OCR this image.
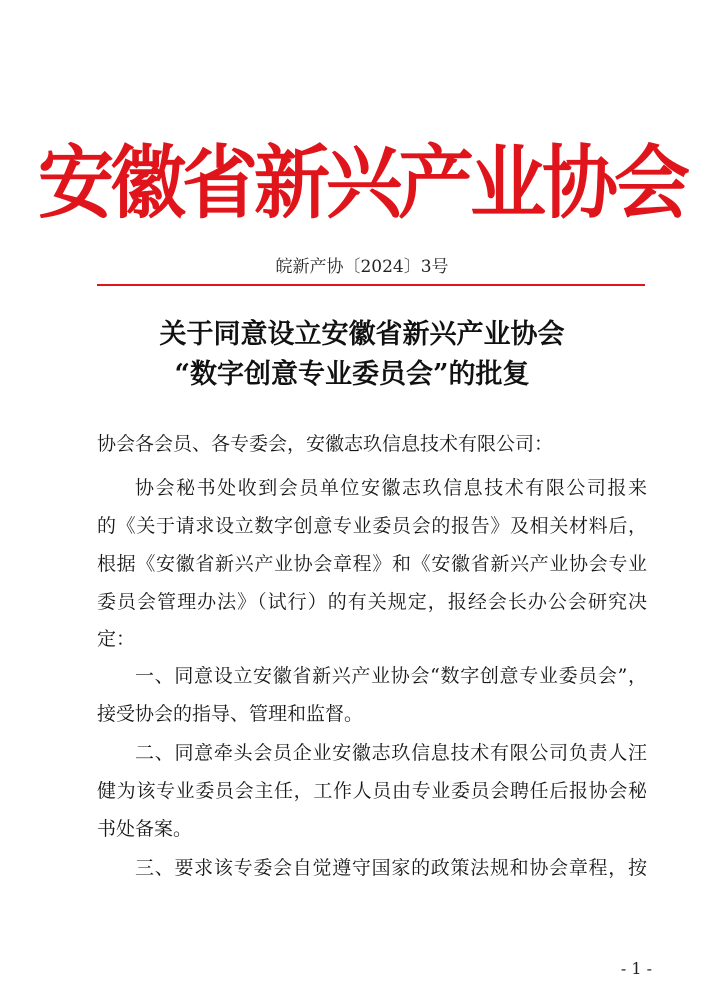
安徽省新兴产业协会
皖新产协〔2024〕3号
关于同意设立安徽省新兴产业协会
“数字创意专业委员会”的批复
协会各会员、各专委会，安徽志玖信息技术有限公司：
协会秘书处收到会员单位安徽志玖信息技术有限公司报来
的《关于请求设立数字创意专业委员会的报告》及相关材料后，
根据《安徽省新兴产业协会章程》和《安徽省新兴产业协会专业
委员会管理办法》（试行）的有关规定，报经会长办公会研究决
定：
一、同意设立安徽省新兴产业协会“数字创意专业委员会”，
接受协会的指导、管理和监督。
二、同意牵头会员企业安徽志玖信息技术有限公司负责人汪
健为该专业委员会主任，工作人员由专业委员会聘任后报协会秘
书处备案。
三、要求该专委会自觉遵守国家的政策法规和协会章程，按
- 1 -
